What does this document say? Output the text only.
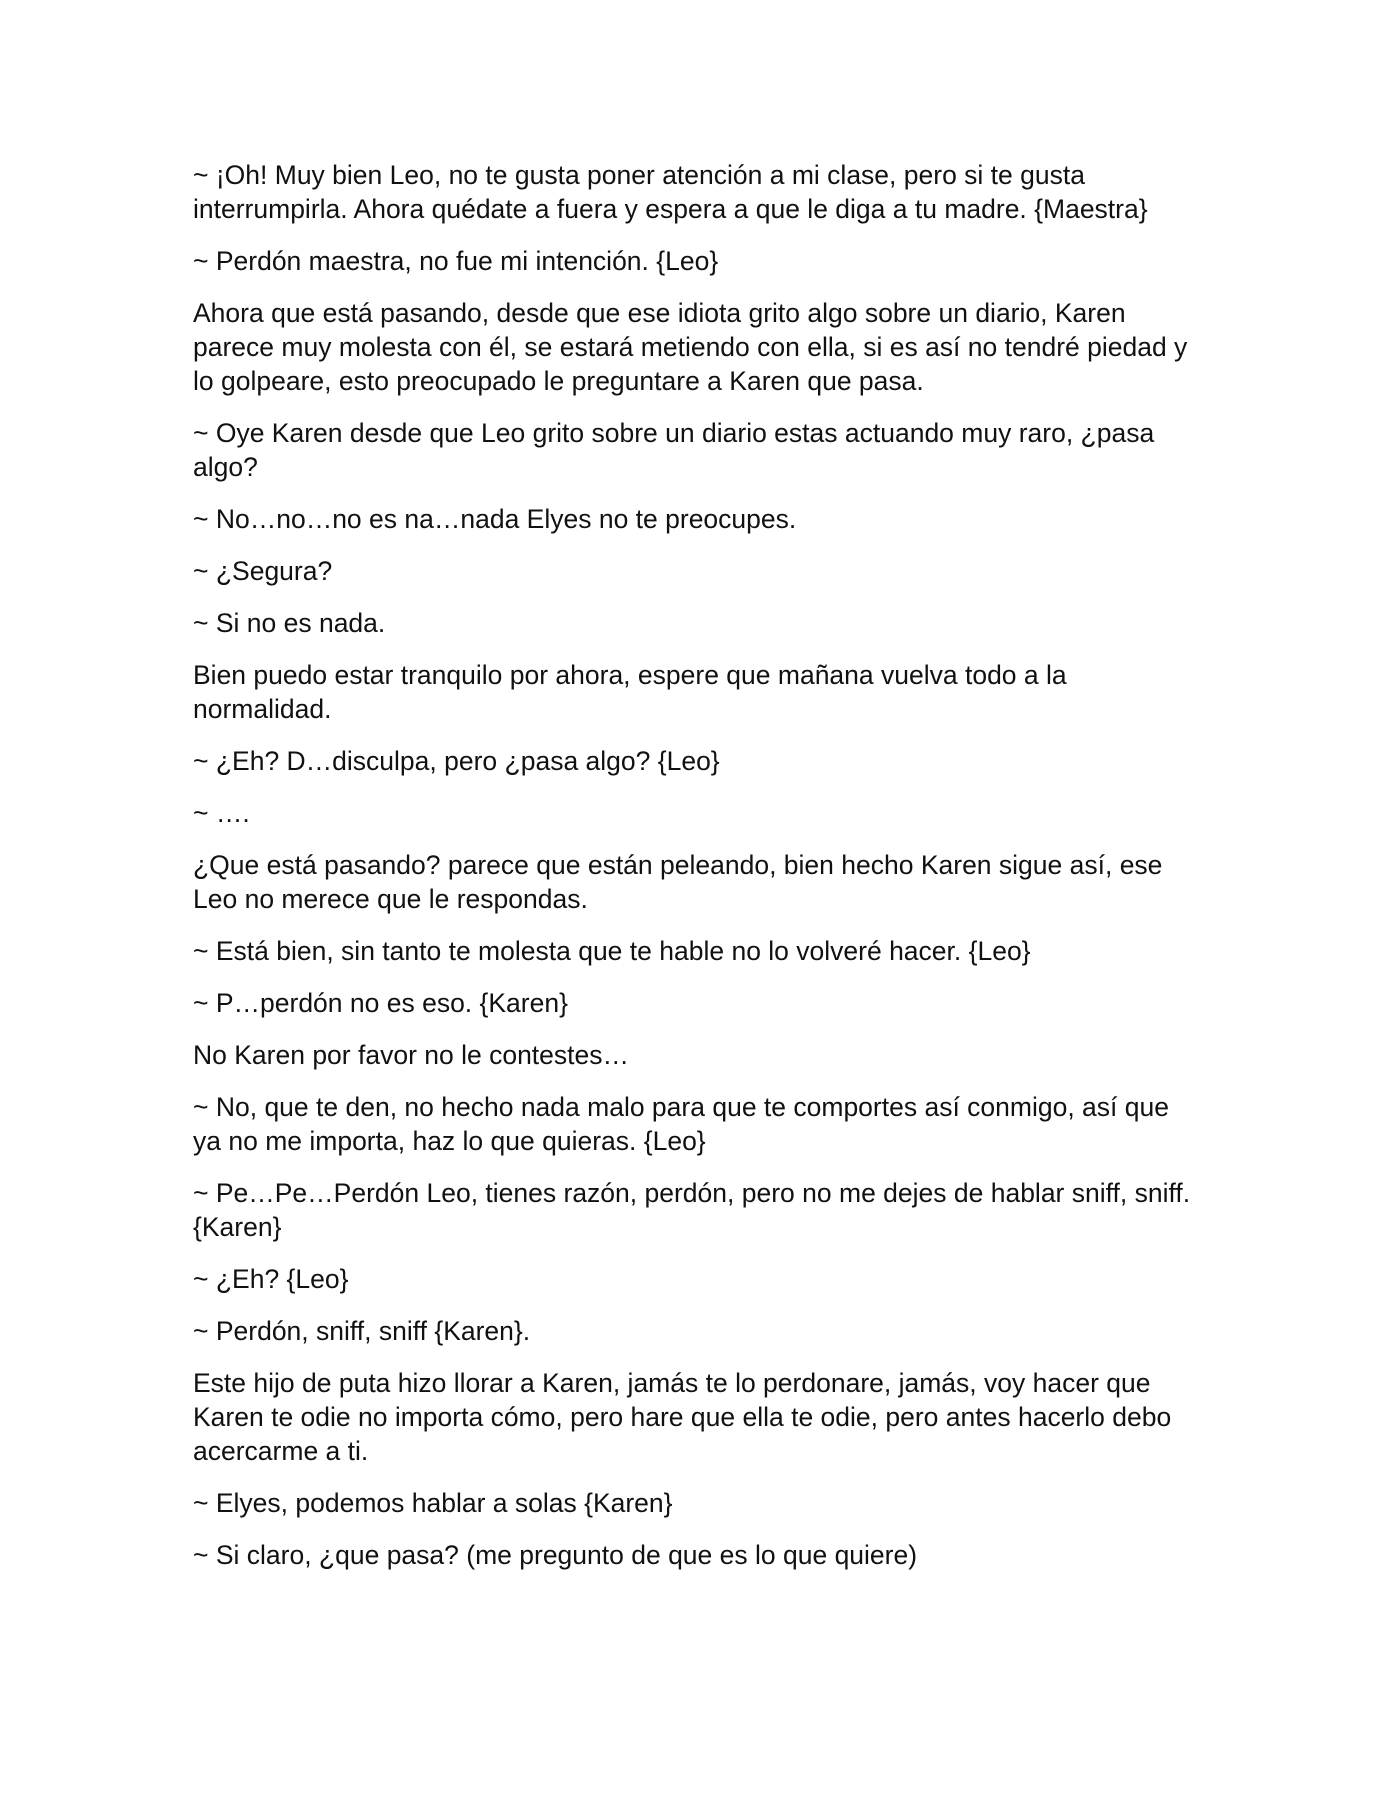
~ ¡Oh! Muy bien Leo, no te gusta poner atención a mi clase, pero si te gusta interrumpirla. Ahora quédate a fuera y espera a que le diga a tu madre. {Maestra}

~ Perdón maestra, no fue mi intención. {Leo}

Ahora que está pasando, desde que ese idiota grito algo sobre un diario, Karen parece muy molesta con él, se estará metiendo con ella, si es así no tendré piedad y lo golpeare, esto preocupado le preguntare a Karen que pasa.

~ Oye Karen desde que Leo grito sobre un diario estas actuando muy raro, ¿pasa algo?

~ No…no…no es na…nada Elyes no te preocupes.

~ ¿Segura?

~ Si no es nada.

Bien puedo estar tranquilo por ahora, espere que mañana vuelva todo a la normalidad.

~ ¿Eh? D…disculpa, pero ¿pasa algo? {Leo}

~ ….

¿Que está pasando? parece que están peleando, bien hecho Karen sigue así, ese Leo no merece que le respondas.

~ Está bien, sin tanto te molesta que te hable no lo volveré hacer. {Leo}

~ P…perdón no es eso. {Karen}

No Karen por favor no le contestes…

~ No, que te den, no hecho nada malo para que te comportes así conmigo, así que ya no me importa, haz lo que quieras. {Leo}

~ Pe…Pe…Perdón Leo, tienes razón, perdón, pero no me dejes de hablar sniff, sniff. {Karen}

~ ¿Eh? {Leo}

~ Perdón, sniff, sniff {Karen}.

Este hijo de puta hizo llorar a Karen, jamás te lo perdonare, jamás, voy hacer que Karen te odie no importa cómo, pero hare que ella te odie, pero antes hacerlo debo acercarme a ti.

~ Elyes, podemos hablar a solas {Karen}

~ Si claro, ¿que pasa? (me pregunto de que es lo que quiere)
